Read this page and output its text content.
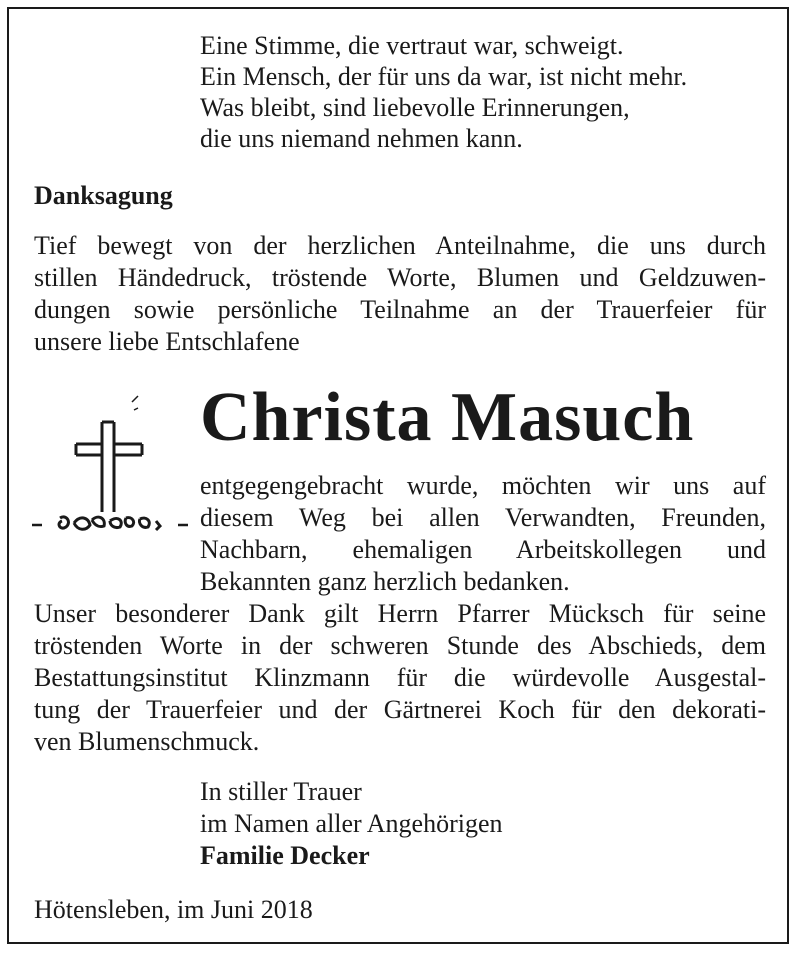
Eine Stimme, die vertraut war, schweigt.
Ein Mensch, der für uns da war, ist nicht mehr.
Was bleibt, sind liebevolle Erinnerungen,
die uns niemand nehmen kann.
Danksagung
Tief bewegt von der herzlichen Anteilnahme, die uns durch
stillen Händedruck, tröstende Worte, Blumen und Geldzuwen-
dungen sowie persönliche Teilnahme an der Trauerfeier für
unsere liebe Entschlafene
Christa Masuch
entgegengebracht wurde, möchten wir uns auf
diesem Weg bei allen Verwandten, Freunden,
Nachbarn, ehemaligen Arbeitskollegen und
Bekannten ganz herzlich bedanken.
Unser besonderer Dank gilt Herrn Pfarrer Mücksch für seine
tröstenden Worte in der schweren Stunde des Abschieds, dem
Bestattungsinstitut Klinzmann für die würdevolle Ausgestal-
tung der Trauerfeier und der Gärtnerei Koch für den dekorati-
ven Blumenschmuck.
In stiller Trauer
im Namen aller Angehörigen
Familie Decker
Hötensleben, im Juni 2018
